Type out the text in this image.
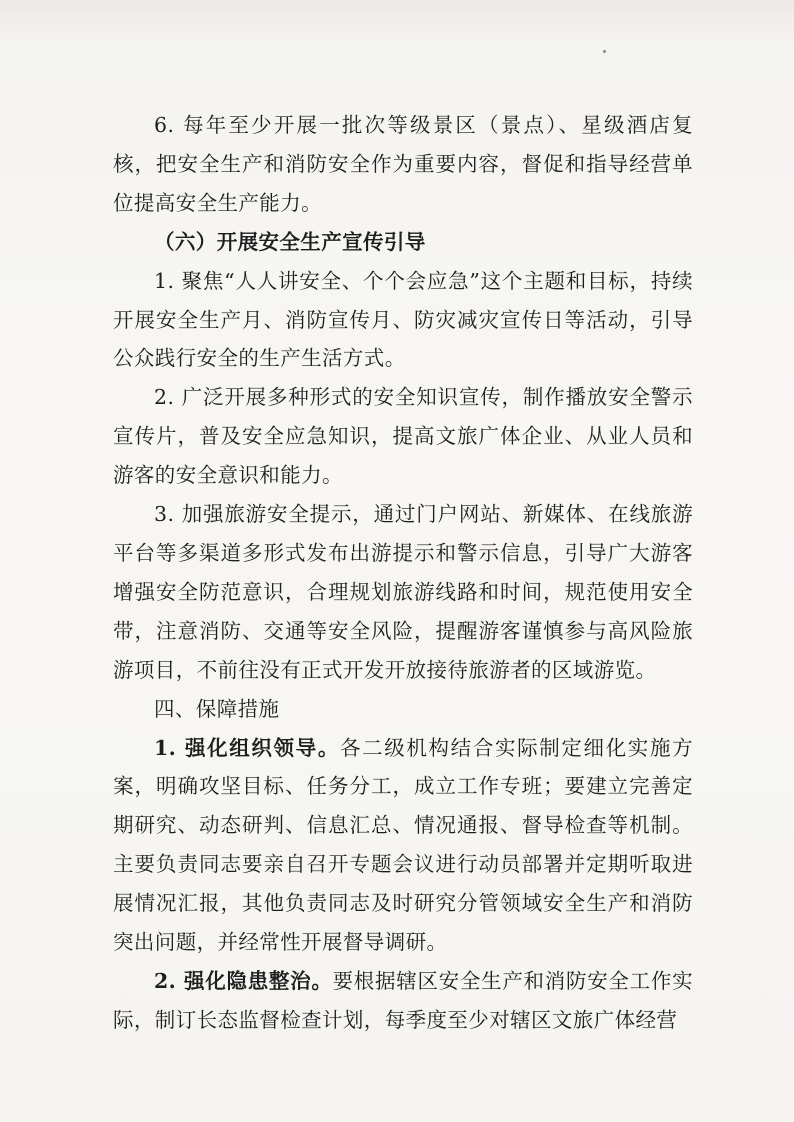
6. 每年至少开展一批次等级景区（景点）、星级酒店复核，把安全生产和消防安全作为重要内容，督促和指导经营单位提高安全生产能力。

（六）开展安全生产宣传引导

1. 聚焦“人人讲安全、个个会应急”这个主题和目标，持续开展安全生产月、消防宣传月、防灾减灾宣传日等活动，引导公众践行安全的生产生活方式。

2. 广泛开展多种形式的安全知识宣传，制作播放安全警示宣传片，普及安全应急知识，提高文旅广体企业、从业人员和游客的安全意识和能力。

3. 加强旅游安全提示，通过门户网站、新媒体、在线旅游平台等多渠道多形式发布出游提示和警示信息，引导广大游客增强安全防范意识，合理规划旅游线路和时间，规范使用安全带，注意消防、交通等安全风险，提醒游客谨慎参与高风险旅游项目，不前往没有正式开发开放接待旅游者的区域游览。

四、保障措施

1. 强化组织领导。各二级机构结合实际制定细化实施方案，明确攻坚目标、任务分工，成立工作专班；要建立完善定期研究、动态研判、信息汇总、情况通报、督导检查等机制。主要负责同志要亲自召开专题会议进行动员部署并定期听取进展情况汇报，其他负责同志及时研究分管领域安全生产和消防突出问题，并经常性开展督导调研。

2. 强化隐患整治。要根据辖区安全生产和消防安全工作实际，制订长态监督检查计划，每季度至少对辖区文旅广体经营
